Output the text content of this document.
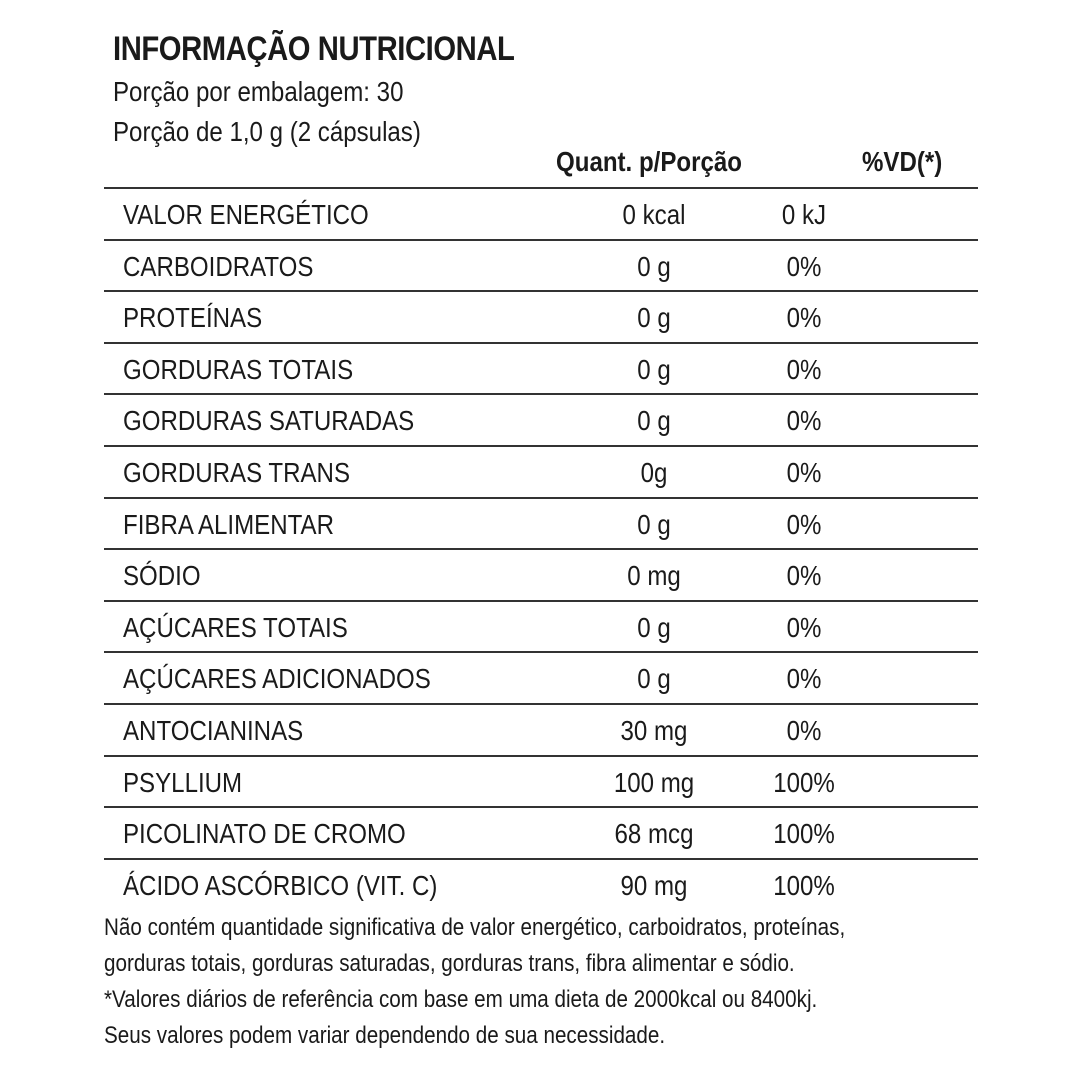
INFORMAÇÃO NUTRICIONAL
Porção por embalagem: 30
Porção de 1,0 g (2 cápsulas)
Quant. p/Porção	%VD(*)
VALOR ENERGÉTICO	0 kcal	0 kJ
CARBOIDRATOS	0 g	0%
PROTEÍNAS	0 g	0%
GORDURAS TOTAIS	0 g	0%
GORDURAS SATURADAS	0 g	0%
GORDURAS TRANS	0g	0%
FIBRA ALIMENTAR	0 g	0%
SÓDIO	0 mg	0%
AÇÚCARES TOTAIS	0 g	0%
AÇÚCARES ADICIONADOS	0 g	0%
ANTOCIANINAS	30 mg	0%
PSYLLIUM	100 mg	100%
PICOLINATO DE CROMO	68 mcg	100%
ÁCIDO ASCÓRBICO (VIT. C)	90 mg	100%
Não contém quantidade significativa de valor energético, carboidratos, proteínas,
gorduras totais, gorduras saturadas, gorduras trans, fibra alimentar e sódio.
*Valores diários de referência com base em uma dieta de 2000kcal ou 8400kj.
Seus valores podem variar dependendo de sua necessidade.
